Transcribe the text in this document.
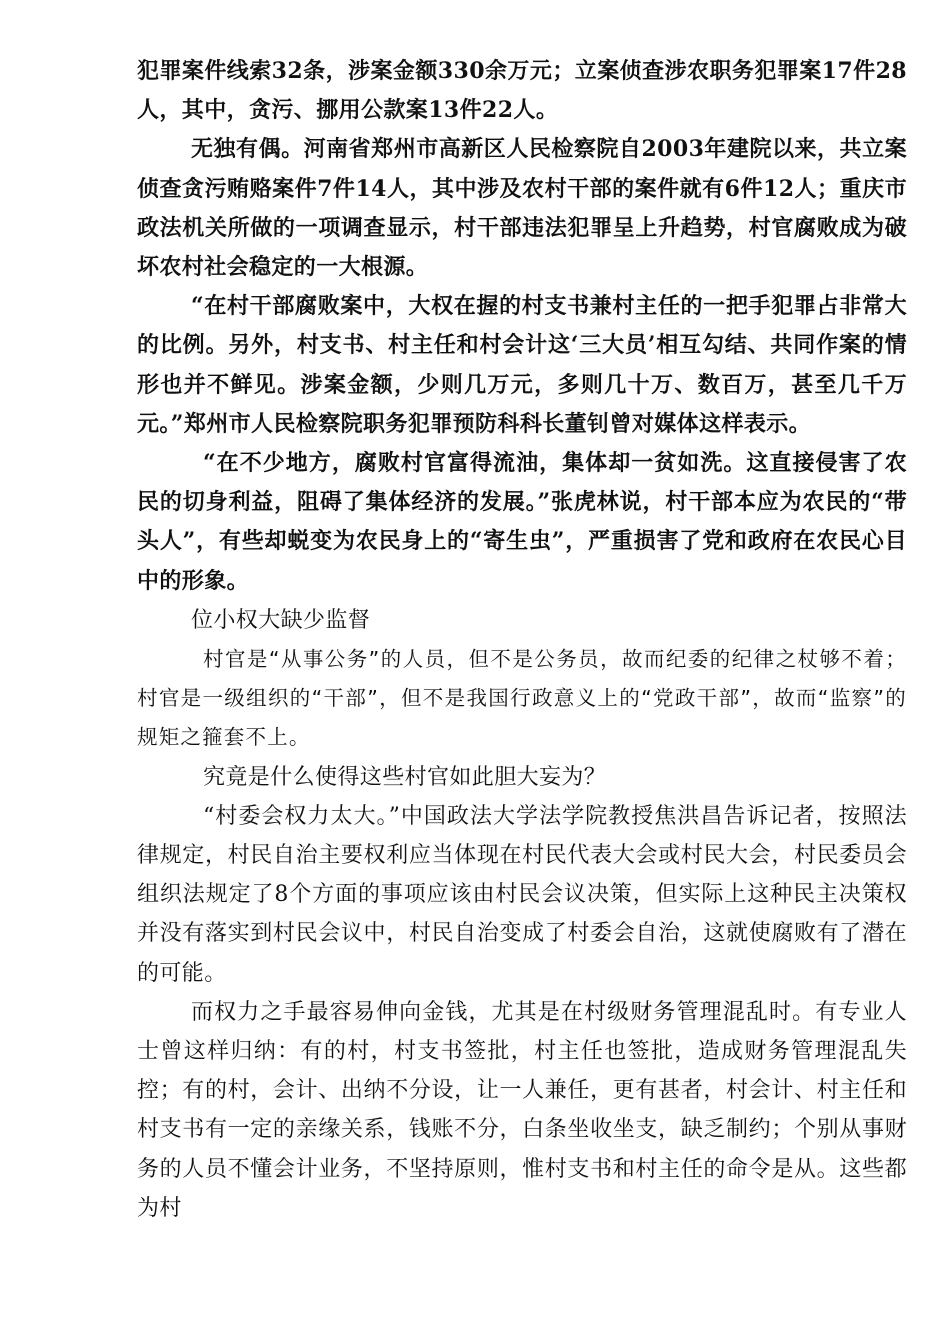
犯罪案件线索32条，涉案金额330余万元；立案侦查涉农职务犯罪案17件28人，其中，贪污、挪用公款案13件22人。

无独有偶。河南省郑州市高新区人民检察院自2003年建院以来，共立案侦查贪污贿赂案件7件14人，其中涉及农村干部的案件就有6件12人；重庆市政法机关所做的一项调查显示，村干部违法犯罪呈上升趋势，村官腐败成为破坏农村社会稳定的一大根源。

“在村干部腐败案中，大权在握的村支书兼村主任的一把手犯罪占非常大的比例。另外，村支书、村主任和村会计这‘三大员’相互勾结、共同作案的情形也并不鲜见。涉案金额，少则几万元，多则几十万、数百万，甚至几千万元。”郑州市人民检察院职务犯罪预防科科长董钊曾对媒体这样表示。

“在不少地方，腐败村官富得流油，集体却一贫如洗。这直接侵害了农民的切身利益，阻碍了集体经济的发展。”张虎林说，村干部本应为农民的“带头人”，有些却蜕变为农民身上的“寄生虫”，严重损害了党和政府在农民心目中的形象。

位小权大缺少监督

村官是“从事公务”的人员，但不是公务员，故而纪委的纪律之杖够不着；村官是一级组织的“干部”，但不是我国行政意义上的“党政干部”，故而“监察”的规矩之箍套不上。

究竟是什么使得这些村官如此胆大妄为？

“村委会权力太大。”中国政法大学法学院教授焦洪昌告诉记者，按照法律规定，村民自治主要权利应当体现在村民代表大会或村民大会，村民委员会组织法规定了8个方面的事项应该由村民会议决策，但实际上这种民主决策权并没有落实到村民会议中，村民自治变成了村委会自治，这就使腐败有了潜在的可能。

而权力之手最容易伸向金钱，尤其是在村级财务管理混乱时。有专业人士曾这样归纳：有的村，村支书签批，村主任也签批，造成财务管理混乱失控；有的村，会计、出纳不分设，让一人兼任，更有甚者，村会计、村主任和村支书有一定的亲缘关系，钱账不分，白条坐收坐支，缺乏制约；个别从事财务的人员不懂会计业务，不坚持原则，惟村支书和村主任的命令是从。这些都为村
